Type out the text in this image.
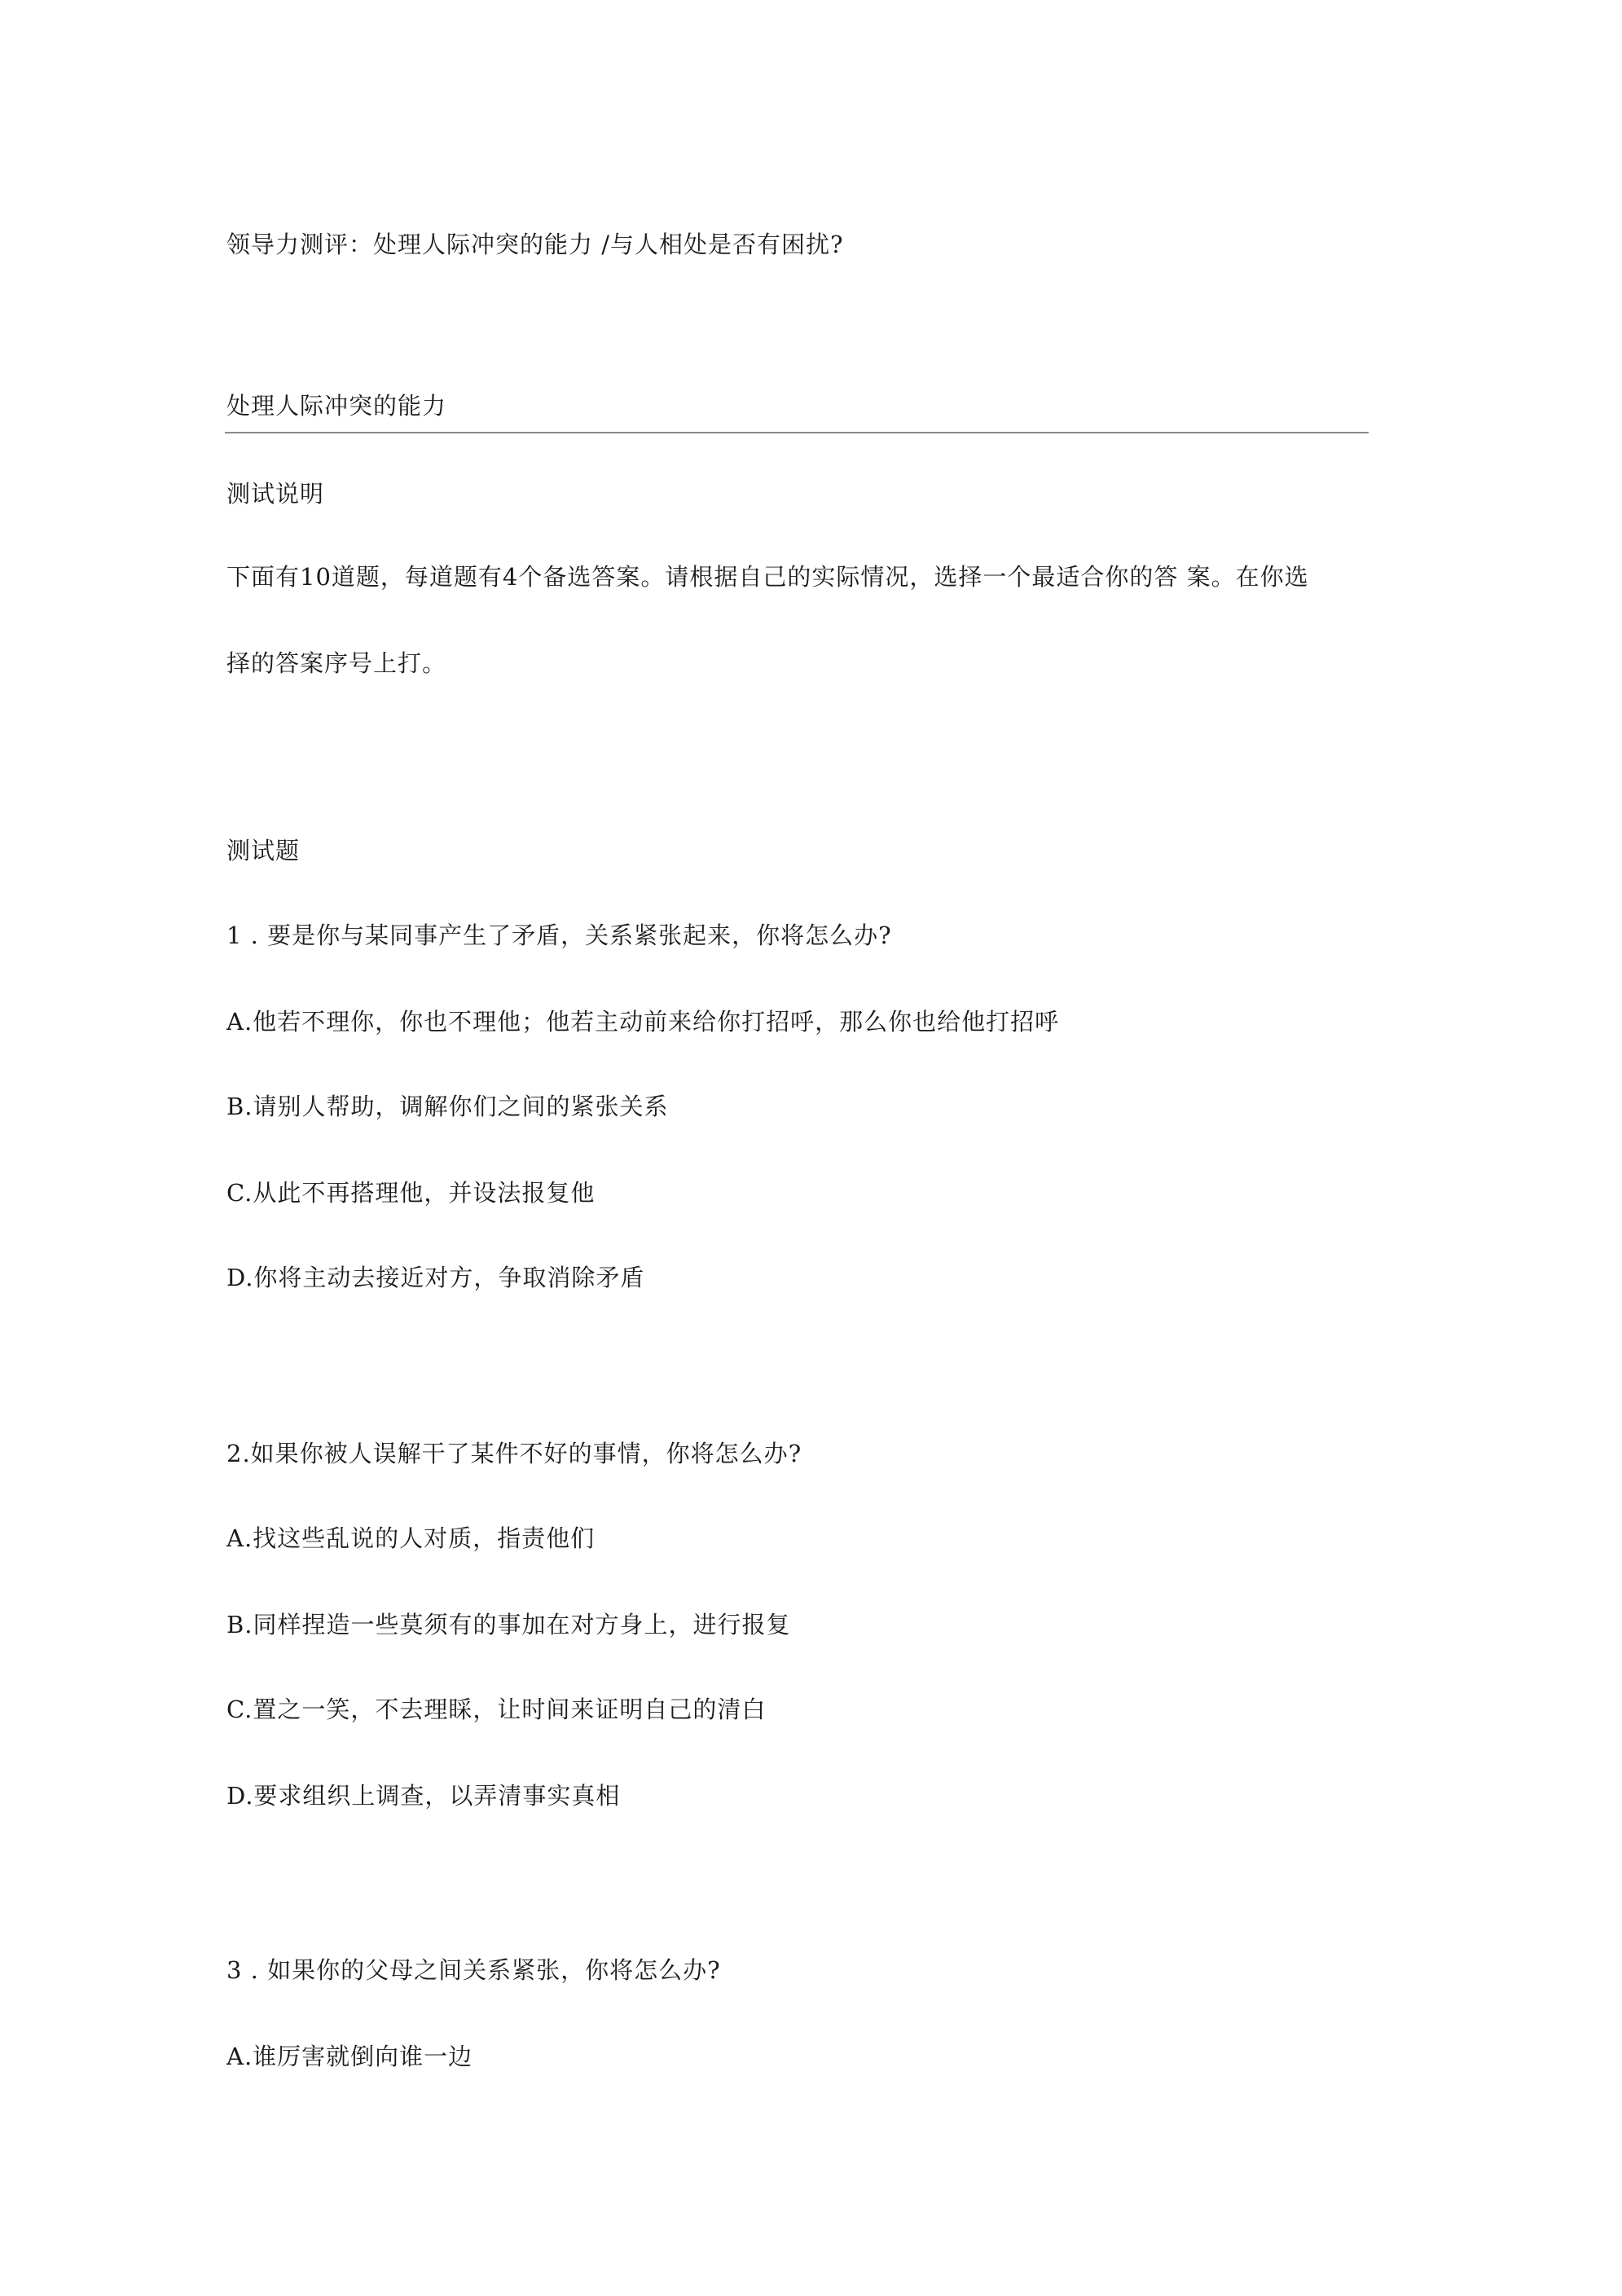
领导力测评：处理人际冲突的能力 /与人相处是否有困扰?
处理人际冲突的能力
测试说明
下面有10道题，每道题有4个备选答案。请根据自己的实际情况，选择一个最适合你的答 案。在你选
择的答案序号上打。
测试题
1 . 要是你与某同事产生了矛盾，关系紧张起来，你将怎么办?
A.他若不理你，你也不理他；他若主动前来给你打招呼，那么你也给他打招呼
B.请别人帮助，调解你们之间的紧张关系
C.从此不再搭理他，并设法报复他
D.你将主动去接近对方，争取消除矛盾
2.如果你被人误解干了某件不好的事情，你将怎么办?
A.找这些乱说的人对质，指责他们
B.同样捏造一些莫须有的事加在对方身上，进行报复
C.置之一笑，不去理睬，让时间来证明自己的清白
D.要求组织上调查，以弄清事实真相
3 . 如果你的父母之间关系紧张，你将怎么办?
A.谁厉害就倒向谁一边
